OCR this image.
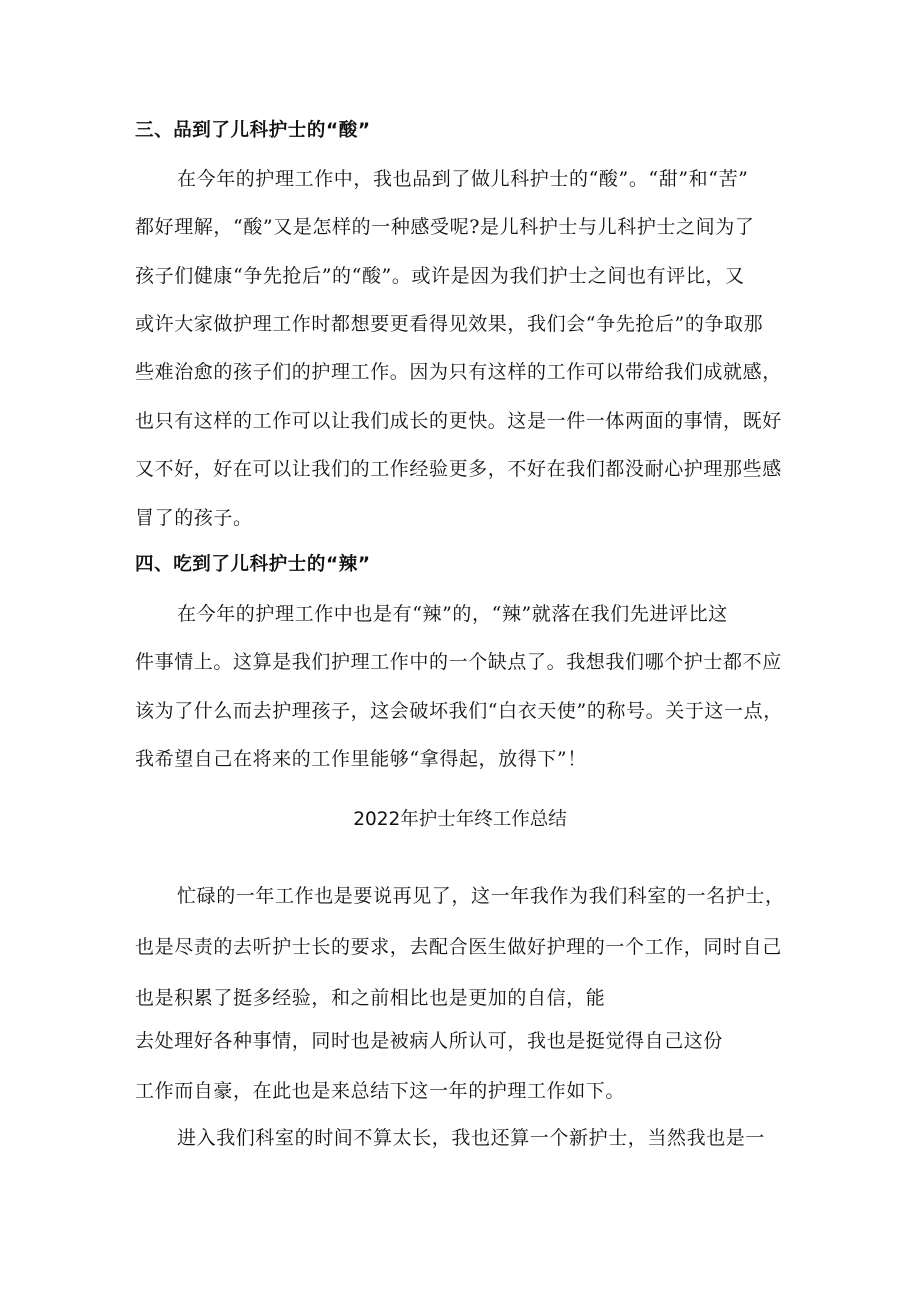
三、品到了儿科护士的“酸”
在今年的护理工作中，我也品到了做儿科护士的“酸”。“甜”和“苦”
都好理解，“酸”又是怎样的一种感受呢?是儿科护士与儿科护士之间为了
孩子们健康“争先抢后”的“酸”。或许是因为我们护士之间也有评比，又
或许大家做护理工作时都想要更看得见效果，我们会“争先抢后”的争取那
些难治愈的孩子们的护理工作。因为只有这样的工作可以带给我们成就感，
也只有这样的工作可以让我们成长的更快。这是一件一体两面的事情，既好
又不好，好在可以让我们的工作经验更多，不好在我们都没耐心护理那些感
冒了的孩子。
四、吃到了儿科护士的“辣”
在今年的护理工作中也是有“辣”的，“辣”就落在我们先进评比这
件事情上。这算是我们护理工作中的一个缺点了。我想我们哪个护士都不应
该为了什么而去护理孩子，这会破坏我们“白衣天使”的称号。关于这一点，
我希望自己在将来的工作里能够“拿得起，放得下”！
2022年护士年终工作总结
忙碌的一年工作也是要说再见了，这一年我作为我们科室的一名护士，
也是尽责的去听护士长的要求，去配合医生做好护理的一个工作，同时自己
也是积累了挺多经验，和之前相比也是更加的自信，能
去处理好各种事情，同时也是被病人所认可，我也是挺觉得自己这份
工作而自豪，在此也是来总结下这一年的护理工作如下。
进入我们科室的时间不算太长，我也还算一个新护士，当然我也是一
